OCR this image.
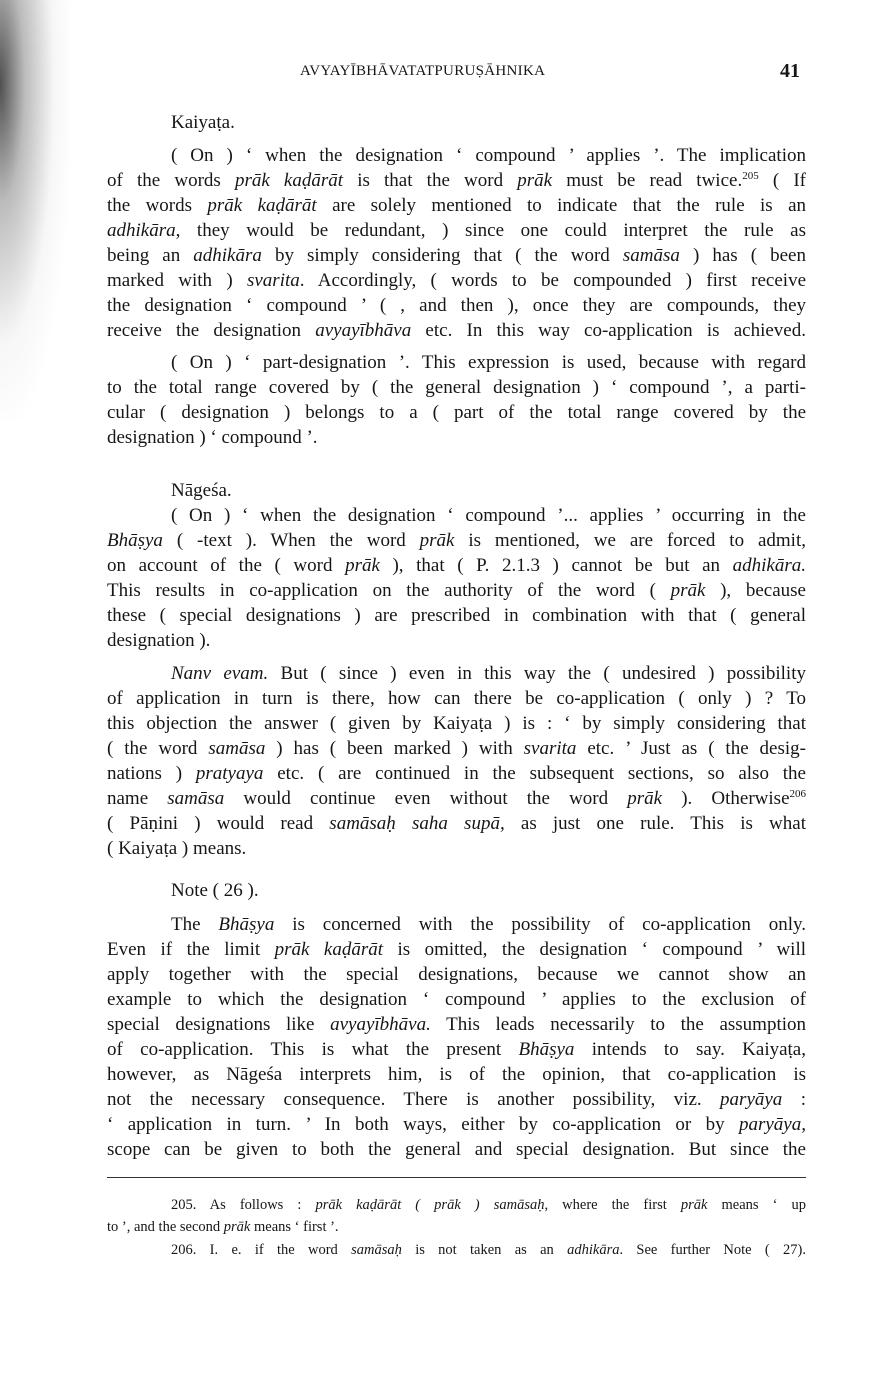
AVYAYĪBHĀVATATPURUṢĀHNIKA	41
Kaiyaṭa.
( On ) ‘ when the designation ‘ compound ’ applies ’. The implication
of the words prāk kaḍārāt is that the word prāk must be read twice.$^{205}$ ( If
the words prāk kaḍārāt are solely mentioned to indicate that the rule is an
adhikāra, they would be redundant, ) since one could interpret the rule as
being an adhikāra by simply considering that ( the word samāsa ) has ( been
marked with ) svarita. Accordingly, ( words to be compounded ) first receive
the designation ‘ compound ’ ( , and then ), once they are compounds, they
receive the designation avyayībhāva etc. In this way co-application is achieved.
( On ) ‘ part-designation ’. This expression is used, because with regard
to the total range covered by ( the general designation ) ‘ compound ’, a parti-
cular ( designation ) belongs to a ( part of the total range covered by the
designation ) ‘ compound ’.
Nāgeśa.
( On ) ‘ when the designation ‘ compound ’... applies ’ occurring in the
Bhāṣya ( -text ). When the word prāk is mentioned, we are forced to admit,
on account of the ( word prāk ), that ( P. 2.1.3 ) cannot be but an adhikāra.
This results in co-application on the authority of the word ( prāk ), because
these ( special designations ) are prescribed in combination with that ( general
designation ).
Nanv evam. But ( since ) even in this way the ( undesired ) possibility
of application in turn is there, how can there be co-application ( only ) ? To
this objection the answer ( given by Kaiyaṭa ) is : ‘ by simply considering that
( the word samāsa ) has ( been marked ) with svarita etc. ’ Just as ( the desig-
nations ) pratyaya etc. ( are continued in the subsequent sections, so also the
name samāsa would continue even without the word prāk ). Otherwise$^{206}$
( Pāṇini ) would read samāsaḥ saha supā, as just one rule. This is what
( Kaiyaṭa ) means.
Note ( 26 ).
The Bhāṣya is concerned with the possibility of co-application only.
Even if the limit prāk kaḍārāt is omitted, the designation ‘ compound ’ will
apply together with the special designations, because we cannot show an
example to which the designation ‘ compound ’ applies to the exclusion of
special designations like avyayībhāva. This leads necessarily to the assumption
of co-application. This is what the present Bhāṣya intends to say. Kaiyaṭa,
however, as Nāgeśa interprets him, is of the opinion, that co-application is
not the necessary consequence. There is another possibility, viz. paryāya :
‘ application in turn. ’ In both ways, either by co-application or by paryāya,
scope can be given to both the general and special designation. But since the
205. As follows : prāk kaḍārāt ( prāk ) samāsaḥ, where the first prāk means ‘ up
to ’, and the second prāk means ‘ first ’.
206. I. e. if the word samāsaḥ is not taken as an adhikāra. See further Note ( 27).
